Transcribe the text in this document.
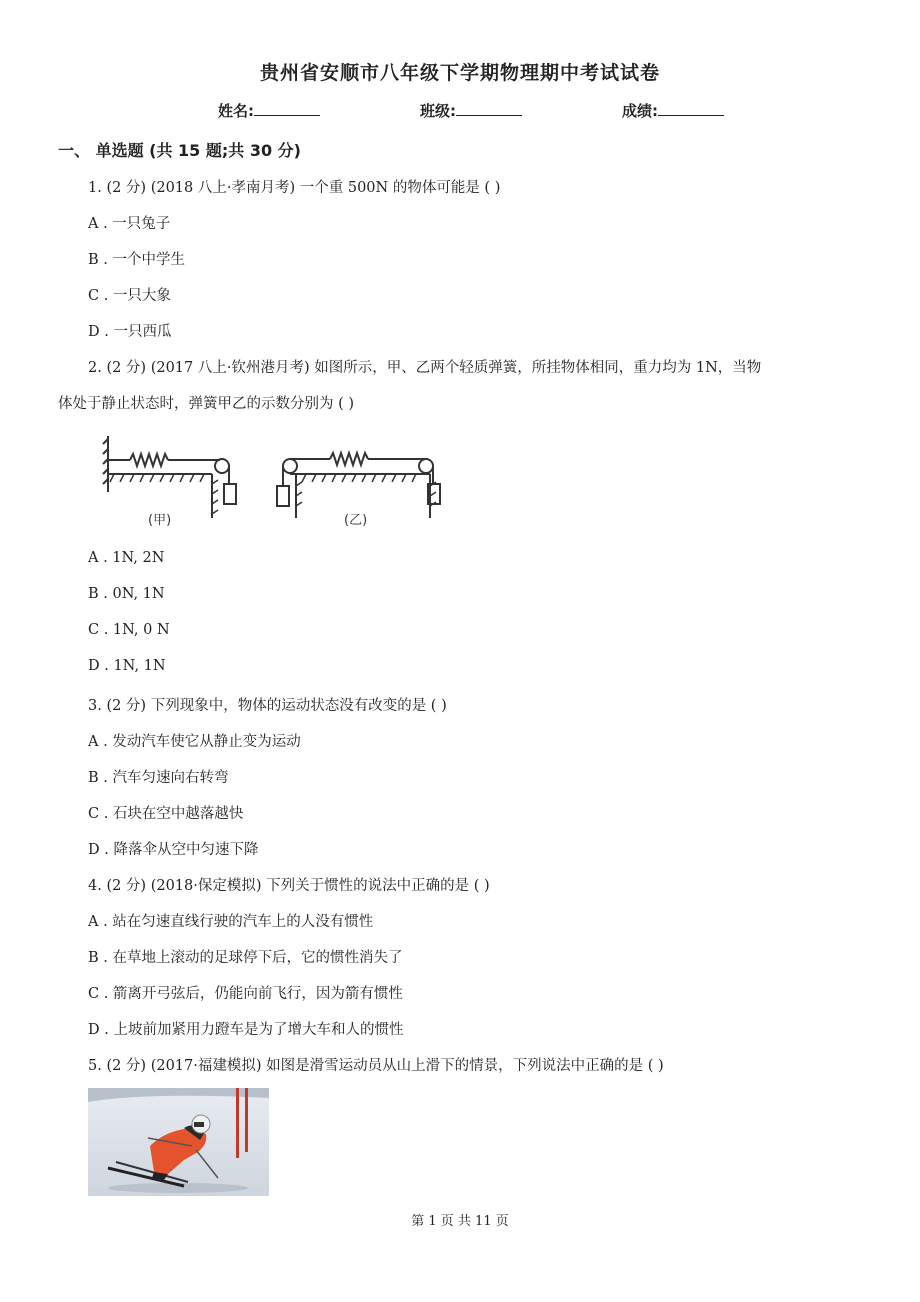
贵州省安顺市八年级下学期物理期中考试试卷
姓名:	班级:	成绩:
一、 单选题 (共 15 题;共 30 分)
1. (2 分) (2018 八上·孝南月考) 一个重 500N 的物体可能是 ( )
A . 一只兔子
B . 一个中学生
C . 一只大象
D . 一只西瓜
2. (2 分) (2017 八上·钦州港月考) 如图所示，甲、乙两个轻质弹簧，所挂物体相同，重力均为 1N，当物
体处于静止状态时，弹簧甲乙的示数分别为 ( )
(甲)	(乙)
A . 1N, 2N
B . 0N, 1N
C . 1N, 0 N
D . 1N, 1N
3. (2 分) 下列现象中，物体的运动状态没有改变的是 ( )
A . 发动汽车使它从静止变为运动
B . 汽车匀速向右转弯
C . 石块在空中越落越快
D . 降落伞从空中匀速下降
4. (2 分) (2018·保定模拟) 下列关于惯性的说法中正确的是 ( )
A . 站在匀速直线行驶的汽车上的人没有惯性
B . 在草地上滚动的足球停下后，它的惯性消失了
C . 箭离开弓弦后，仍能向前飞行，因为箭有惯性
D . 上坡前加紧用力蹬车是为了增大车和人的惯性
5. (2 分) (2017·福建模拟) 如图是滑雪运动员从山上滑下的情景，下列说法中正确的是 ( )
第 1 页 共 11 页
